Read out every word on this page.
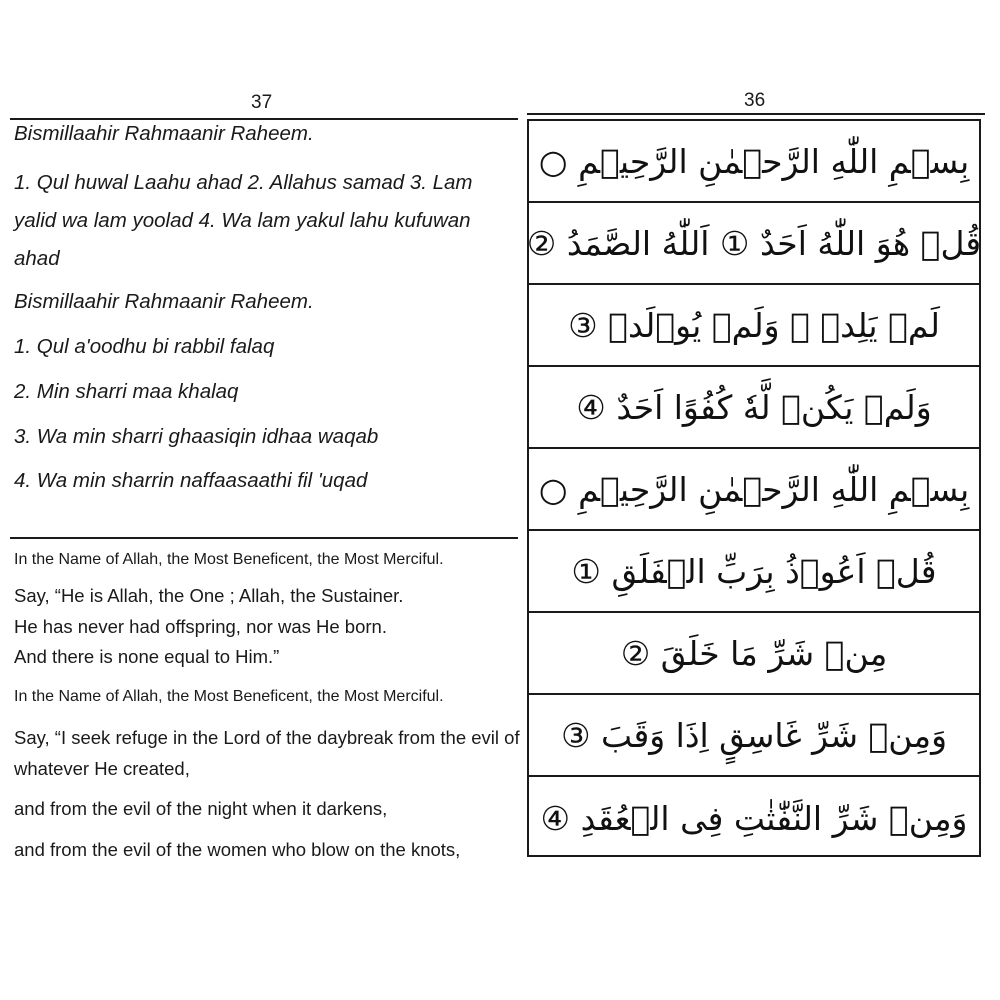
37	36
Bismillaahir Rahmaanir Raheem.
1. Qul huwal Laahu ahad 2. Allahus samad 3. Lam yalid wa lam yoolad 4. Wa lam yakul lahu kufuwan ahad
Bismillaahir Rahmaanir Raheem.
1. Qul a'oodhu bi rabbil falaq
2. Min sharri maa khalaq
3. Wa min sharri ghaasiqin idhaa waqab
4. Wa min sharrin naffaasaathi fil 'uqad
In the Name of Allah, the Most Beneficent, the Most Merciful.
Say, “He is Allah, the One ; Allah, the Sustainer.
He has never had offspring, nor was He born.
And there is none equal to Him.”
In the Name of Allah, the Most Beneficent, the Most Merciful.
Say, “I seek refuge in the Lord of the daybreak from the evil of whatever He created,
and from the evil of the night when it darkens,
and from the evil of the women who blow on the knots,
بِسۡمِ اللّٰهِ الرَّحۡمٰنِ الرَّحِیۡمِ ○
قُلۡ هُوَ اللّٰهُ اَحَدٌ ① اَللّٰهُ الصَّمَدُ ②
لَمۡ یَلِدۡ ۙ وَلَمۡ یُوۡلَدۡ ③
وَلَمۡ یَکُنۡ لَّهٗ کُفُوًا اَحَدٌ ④
بِسۡمِ اللّٰهِ الرَّحۡمٰنِ الرَّحِیۡمِ ○
قُلۡ اَعُوۡذُ بِرَبِّ الۡفَلَقِ ①
مِنۡ شَرِّ مَا خَلَقَ ②
وَمِنۡ شَرِّ غَاسِقٍ اِذَا وَقَبَ ③
وَمِنۡ شَرِّ النَّفّٰثٰتِ فِی الۡعُقَدِ ④
